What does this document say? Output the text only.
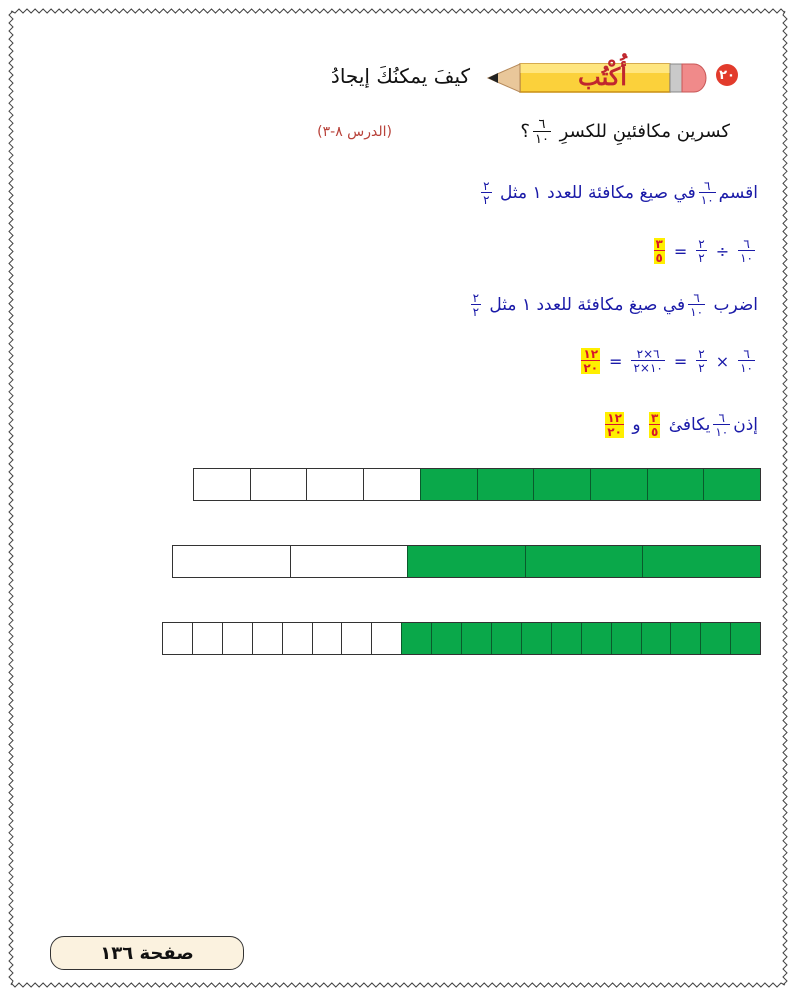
٢٠
أُكْتُب
كيفَ يمكنُكَ إيجادُ
كسرين مكافئينِ للكسرِ
$\frac{٦}{١٠}$
؟
(الدرس ٨-٣)
اقسم
$\frac{٦}{١٠}$
في صيغ مكافئة للعدد ١ مثل
$\frac{٢}{٢}$
$\frac{٣}{٥} = \frac{٢}{٢} \div \frac{٦}{١٠}$
اضرب
$\frac{٦}{١٠}$
في صيغ مكافئة للعدد ١ مثل
$\frac{٢}{٢}$
$\frac{١٢}{٢٠} = \frac{٦\times ٢}{١٠\times ٢} = \frac{٢}{٢} \times \frac{٦}{١٠}$
إذن
$\frac{٦}{١٠}$
يكافئ
$\frac{٣}{٥}$
و
$\frac{١٢}{٢٠}$
صفحة ١٣٦
